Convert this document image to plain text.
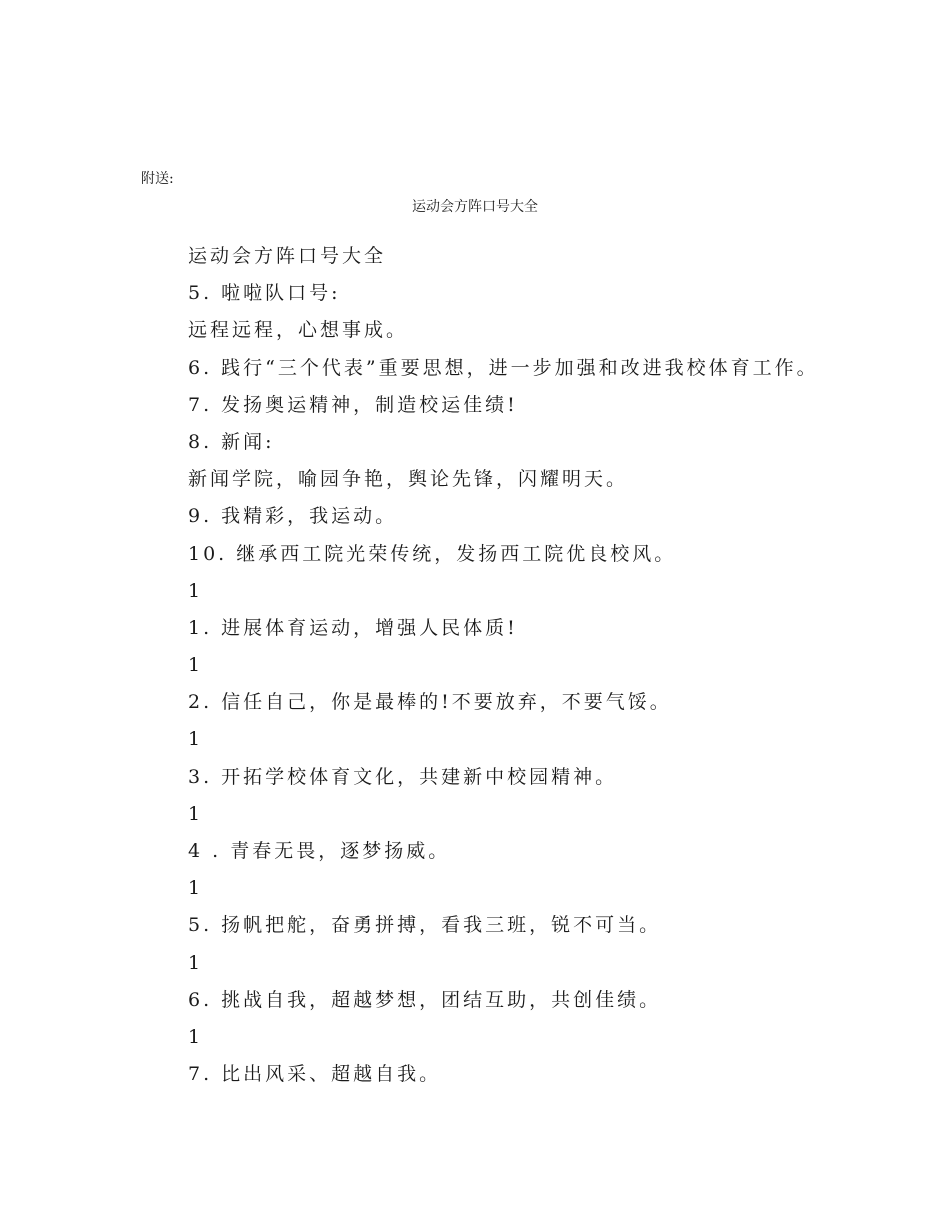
附送:
运动会方阵口号大全
运动会方阵口号大全
5. 啦啦队口号:
远程远程，心想事成。
6. 践行“三个代表”重要思想，进一步加强和改进我校体育工作。
7. 发扬奥运精神，制造校运佳绩!
8. 新闻:
新闻学院，喻园争艳，舆论先锋，闪耀明天。
9. 我精彩，我运动。
10. 继承西工院光荣传统，发扬西工院优良校风。
1
1. 进展体育运动，增强人民体质!
1
2. 信任自己，你是最棒的!不要放弃，不要气馁。
1
3. 开拓学校体育文化，共建新中校园精神。
1
4 . 青春无畏，逐梦扬威。
1
5. 扬帆把舵，奋勇拼搏，看我三班，锐不可当。
1
6. 挑战自我，超越梦想，团结互助，共创佳绩。
1
7. 比出风采、超越自我。
